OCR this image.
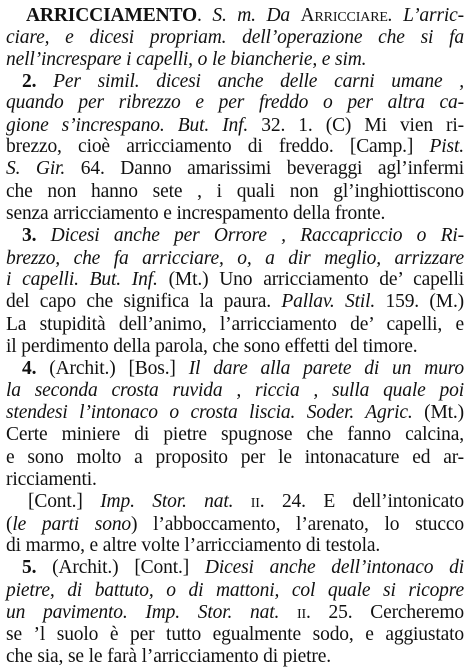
ARRICCIAMENTO. S. m. Da Arricciare. L’arric-
ciare, e dicesi propriam. dell’operazione che si fa
nell’increspare i capelli, o le biancherie, e sim.
2. Per simil. dicesi anche delle carni umane ,
quando per ribrezzo e per freddo o per altra ca-
gione s’increspano. But. Inf. 32. 1. (C) Mi vien ri-
brezzo, cioè arricciamento di freddo. [Camp.] Pist.
S. Gir. 64. Danno amarissimi beveraggi agl’infermi
che non hanno sete , i quali non gl’inghiottiscono
senza arricciamento e increspamento della fronte.
3. Dicesi anche per Orrore , Raccapriccio o Ri-
brezzo, che fa arricciare, o, a dir meglio, arrizzare
i capelli. But. Inf. (Mt.) Uno arricciamento de’ capelli
del capo che significa la paura. Pallav. Stil. 159. (M.)
La stupidità dell’animo, l’arricciamento de’ capelli, e
il perdimento della parola, che sono effetti del timore.
4. (Archit.) [Bos.] Il dare alla parete di un muro
la seconda crosta ruvida , riccia , sulla quale poi
stendesi l’intonaco o crosta liscia. Soder. Agric. (Mt.)
Certe miniere di pietre spugnose che fanno calcina,
e sono molto a proposito per le intonacature ed ar-
ricciamenti.
[Cont.] Imp. Stor. nat. ii. 24. E dell’intonicato
(le parti sono) l’abboccamento, l’arenato, lo stucco
di marmo, e altre volte l’arricciamento di testola.
5. (Archit.) [Cont.] Dicesi anche dell’intonaco di
pietre, di battuto, o di mattoni, col quale si ricopre
un pavimento. Imp. Stor. nat. ii. 25. Cercheremo
se ’l suolo è per tutto egualmente sodo, e aggiustato
che sia, se le farà l’arricciamento di pietre.
